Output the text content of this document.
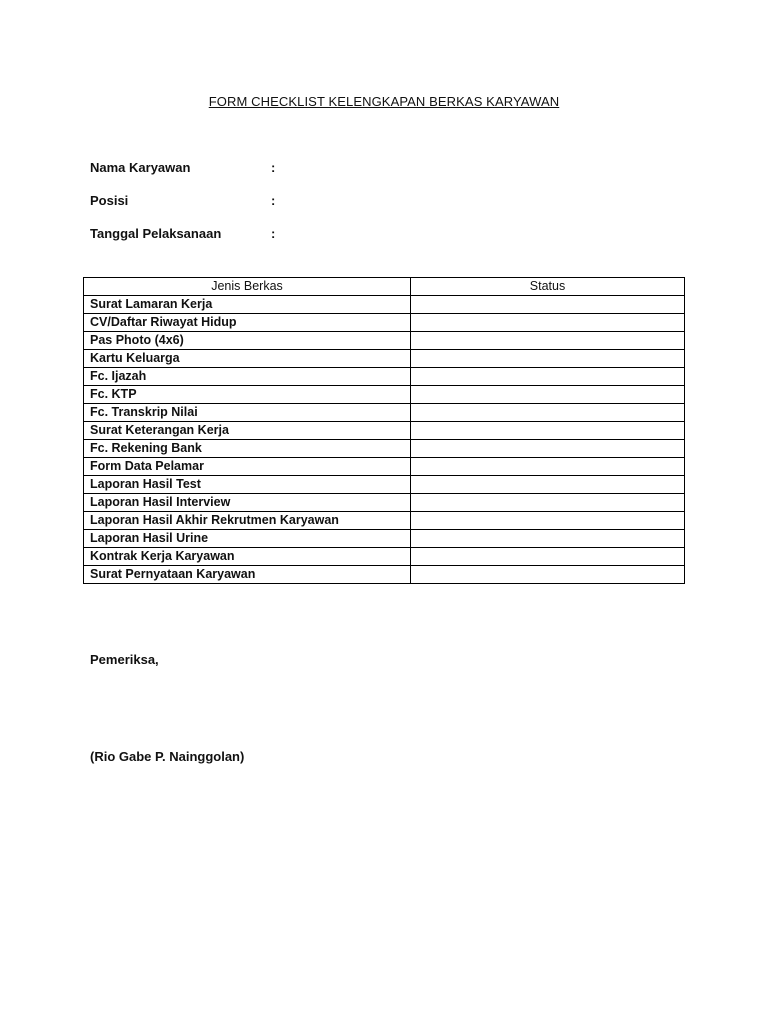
FORM CHECKLIST KELENGKAPAN BERKAS KARYAWAN
Nama Karyawan	:
Posisi	:
Tanggal Pelaksanaan	:
Jenis Berkas	Status
Surat Lamaran Kerja	
CV/Daftar Riwayat Hidup	
Pas Photo (4x6)	
Kartu Keluarga	
Fc. Ijazah	
Fc. KTP	
Fc. Transkrip Nilai	
Surat Keterangan Kerja	
Fc. Rekening Bank	
Form Data Pelamar	
Laporan Hasil Test	
Laporan Hasil Interview	
Laporan Hasil Akhir Rekrutmen Karyawan	
Laporan Hasil Urine	
Kontrak Kerja Karyawan	
Surat Pernyataan Karyawan	
Pemeriksa,
(Rio Gabe P. Nainggolan)
